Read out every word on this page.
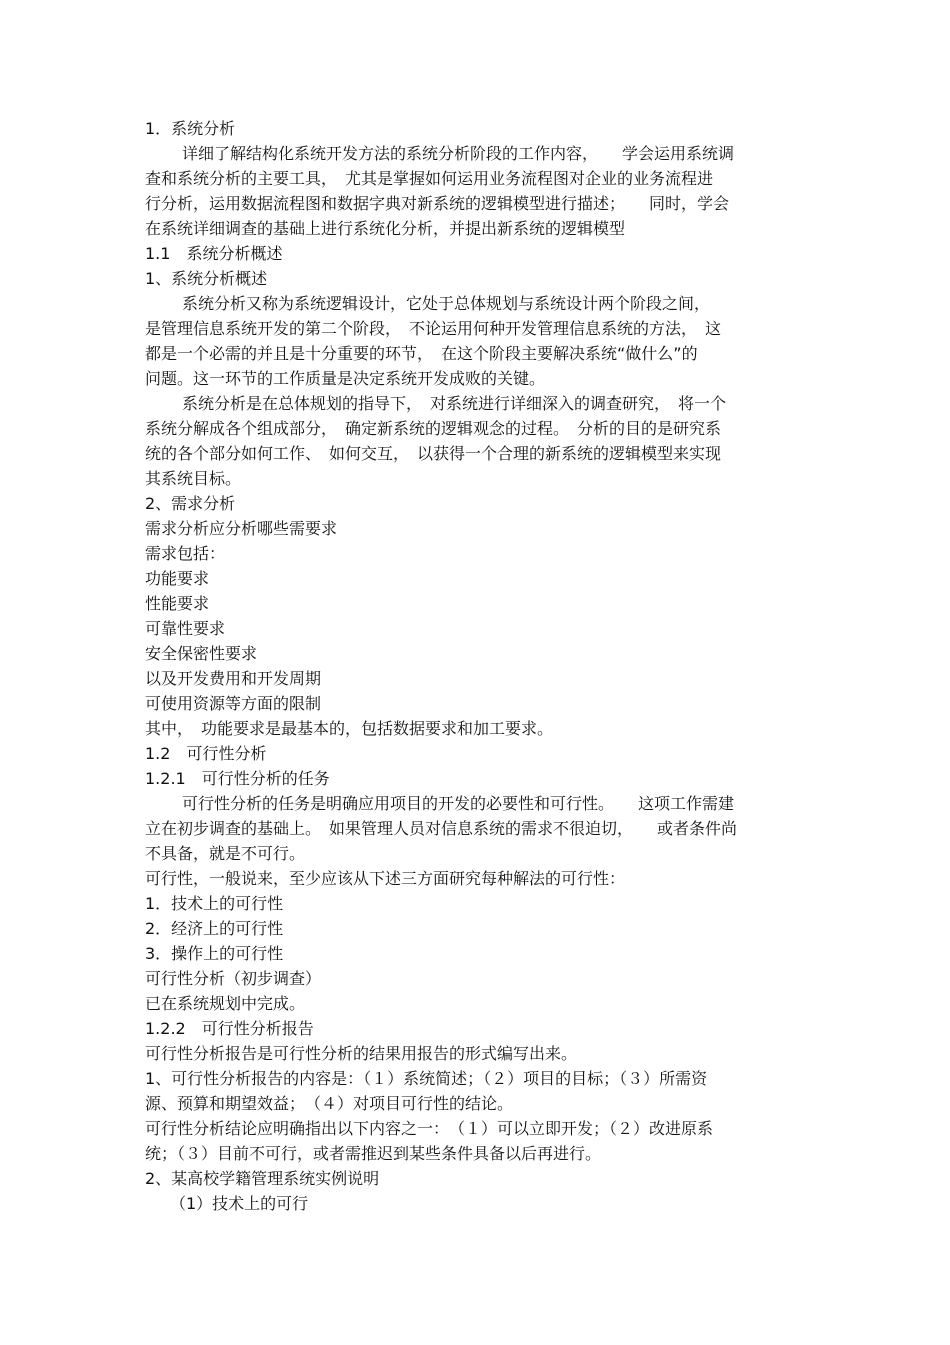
1．系统分析

详细了解结构化系统开发方法的系统分析阶段的工作内容，　　学会运用系统调

查和系统分析的主要工具，　尤其是掌握如何运用业务流程图对企业的业务流程进

行分析，运用数据流程图和数据字典对新系统的逻辑模型进行描述；　　同时，学会

在系统详细调查的基础上进行系统化分析，并提出新系统的逻辑模型

1.1　系统分析概述

1、系统分析概述

系统分析又称为系统逻辑设计，它处于总体规划与系统设计两个阶段之间，

是管理信息系统开发的第二个阶段，　不论运用何种开发管理信息系统的方法，　这

都是一个必需的并且是十分重要的环节，　在这个阶段主要解决系统“做什么”的

问题。这一环节的工作质量是决定系统开发成败的关键。

系统分析是在总体规划的指导下，　对系统进行详细深入的调查研究，　将一个

系统分解成各个组成部分，　确定新系统的逻辑观念的过程。　分析的目的是研究系

统的各个部分如何工作、　如何交互，　以获得一个合理的新系统的逻辑模型来实现

其系统目标。

2、需求分析

需求分析应分析哪些需要求

需求包括：

功能要求

性能要求

可靠性要求

安全保密性要求

以及开发费用和开发周期

可使用资源等方面的限制

其中，　功能要求是最基本的，包括数据要求和加工要求。

1.2　可行性分析

1.2.1　可行性分析的任务

可行性分析的任务是明确应用项目的开发的必要性和可行性。　　这项工作需建

立在初步调查的基础上。　如果管理人员对信息系统的需求不很迫切，　　或者条件尚

不具备，就是不可行。

可行性，一般说来，至少应该从下述三方面研究每种解法的可行性：

1．技术上的可行性

2．经济上的可行性

3．操作上的可行性

可行性分析（初步调查）

已在系统规划中完成。

1.2.2　可行性分析报告

可行性分析报告是可行性分析的结果用报告的形式编写出来。

1、可行性分析报告的内容是：（１）系统简述；（２）项目的目标；（３）所需资

源、预算和期望效益；　（４）对项目可行性的结论。

可行性分析结论应明确指出以下内容之一：　（１）可以立即开发；（２）改进原系

统；（３）目前不可行，或者需推迟到某些条件具备以后再进行。

2、某高校学籍管理系统实例说明

（1）技术上的可行
